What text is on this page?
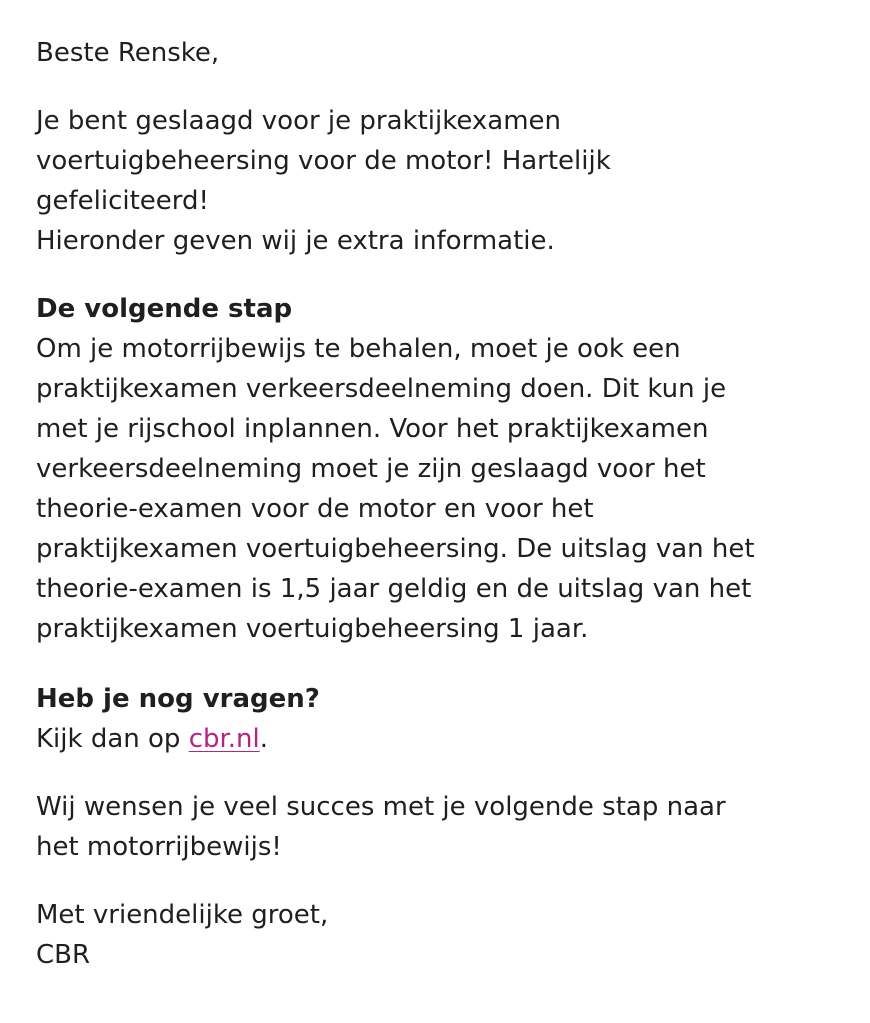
Beste Renske,

Je bent geslaagd voor je praktijkexamen
voertuigbeheersing voor de motor! Hartelijk
gefeliciteerd!
Hieronder geven wij je extra informatie.

De volgende stap
Om je motorrijbewijs te behalen, moet je ook een
praktijkexamen verkeersdeelneming doen. Dit kun je
met je rijschool inplannen. Voor het praktijkexamen
verkeersdeelneming moet je zijn geslaagd voor het
theorie-examen voor de motor en voor het
praktijkexamen voertuigbeheersing. De uitslag van het
theorie-examen is 1,5 jaar geldig en de uitslag van het
praktijkexamen voertuigbeheersing 1 jaar.
Heb je nog vragen?
Kijk dan op cbr.nl.

Wij wensen je veel succes met je volgende stap naar
het motorrijbewijs!

Met vriendelijke groet,
CBR
